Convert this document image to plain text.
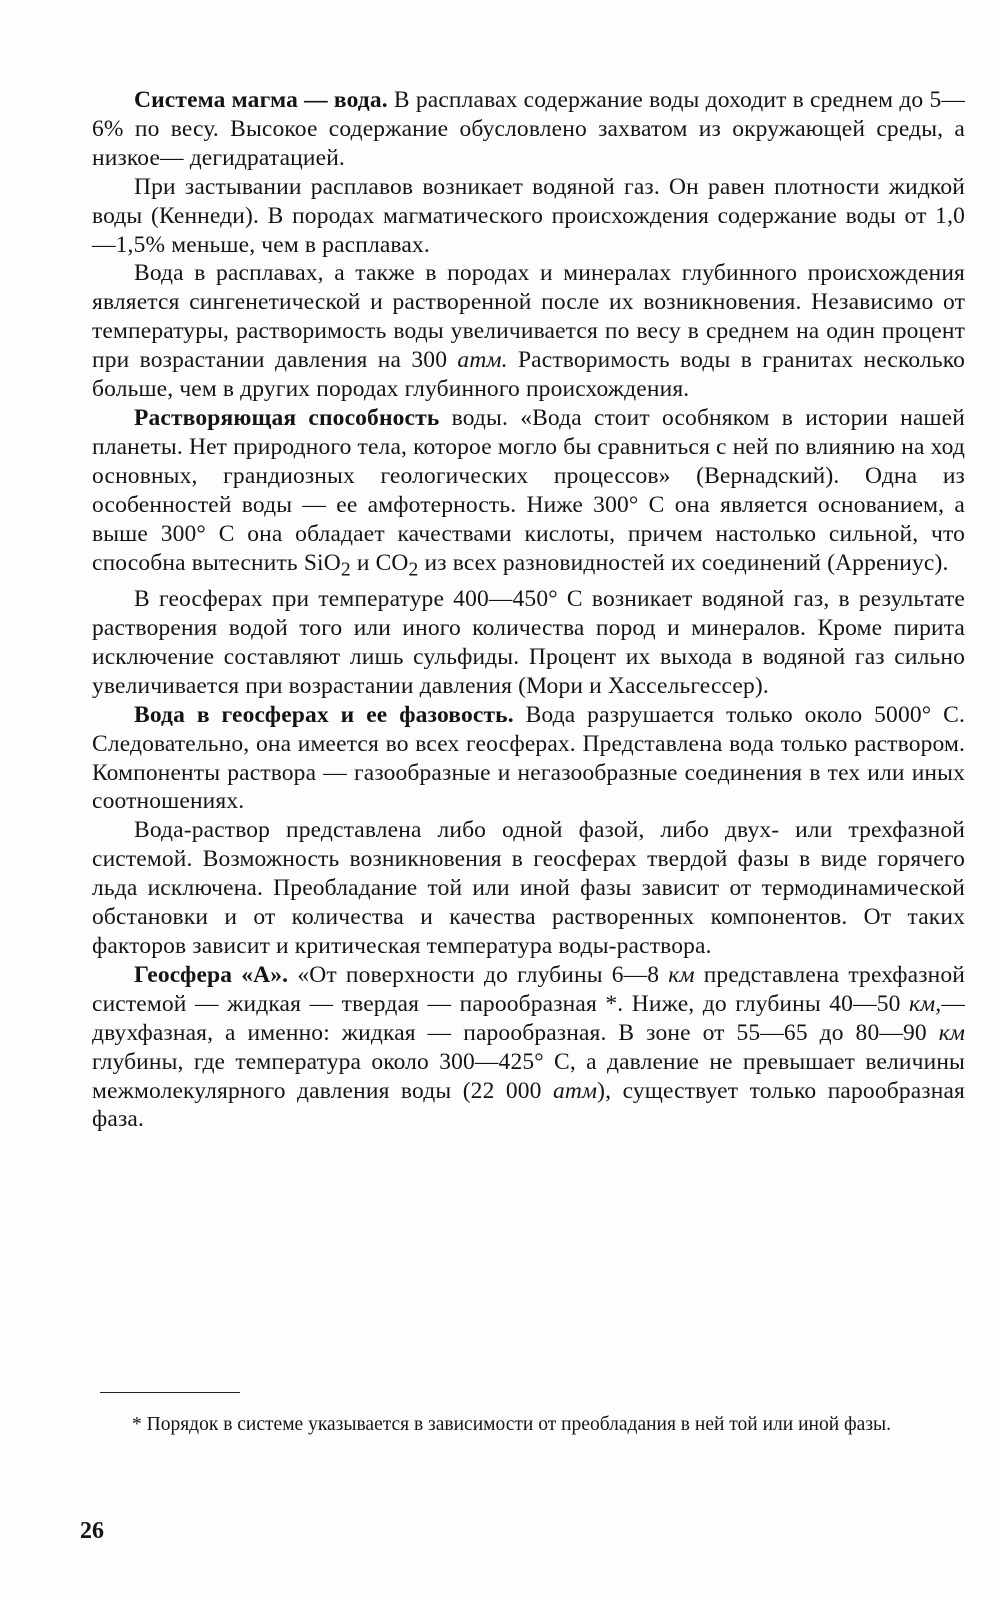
Система магма — вода. В расплавах содержание воды доходит в среднем до 5—6% по весу. Высокое содержание обусловлено захватом из окружающей среды, а низкое— дегидратацией.

При застывании расплавов возникает водяной газ. Он равен плотности жидкой воды (Кеннеди). В породах магматического происхождения содержание воды от 1,0—1,5% меньше, чем в расплавах.

Вода в расплавах, а также в породах и минералах глубинного происхождения является сингенетической и растворенной после их возникновения. Независимо от температуры, растворимость воды увеличивается по весу в среднем на один процент при возрастании давления на 300 атм. Растворимость воды в гранитах несколько больше, чем в других породах глубинного происхождения.

Растворяющая способность воды. «Вода стоит особняком в истории нашей планеты. Нет природного тела, которое могло бы сравниться с ней по влиянию на ход основных, грандиозных геологических процессов» (Вернадский). Одна из особенностей воды — ее амфотерность. Ниже 300° С она является основанием, а выше 300° С она обладает качествами кислоты, причем настолько сильной, что способна вытеснить SiO$_2$ и $CO_2$ из всех разновидностей их соединений (Аррениус).

В геосферах при температуре 400—450° С возникает водяной газ, в результате растворения водой того или иного количества пород и минералов. Кроме пирита исключение составляют лишь сульфиды. Процент их выхода в водяной газ сильно увеличивается при возрастании давления (Мори и Хассельгессер).

Вода в геосферах и ее фазовость. Вода разрушается только около 5000° С. Следовательно, она имеется во всех геосферах. Представлена вода только раствором. Компоненты раствора — газообразные и негазообразные соединения в тех или иных соотношениях.

Вода-раствор представлена либо одной фазой, либо двух- или трехфазной системой. Возможность возникновения в геосферах твердой фазы в виде горячего льда исключена. Преобладание той или иной фазы зависит от термодинамической обстановки и от количества и качества растворенных компонентов. От таких факторов зависит и критическая температура воды-раствора.

Геосфера «А». «От поверхности до глубины 6—8 км представлена трехфазной системой — жидкая — твердая — парообразная *. Ниже, до глубины 40—50 км,— двухфазная, а именно: жидкая — парообразная. В зоне от 55—65 до 80—90 км глубины, где температура около 300—425° С, а давление не превышает величины межмолекулярного давления воды (22 000 атм), существует только парообразная фаза.

* Порядок в системе указывается в зависимости от преобладания в ней той или иной фазы.

26
